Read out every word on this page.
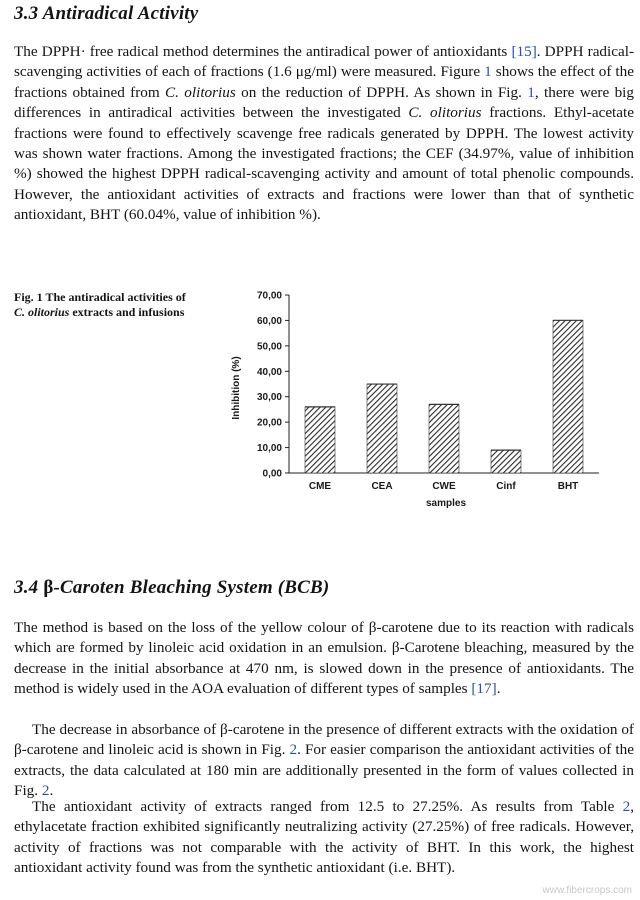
3.3 Antiradical Activity

The DPPH· free radical method determines the antiradical power of antioxidants [15]. DPPH radical-scavenging activities of each of fractions (1.6 μg/ml) were measured. Figure 1 shows the effect of the fractions obtained from C. olitorius on the reduction of DPPH. As shown in Fig. 1, there were big differences in antiradical activities between the investigated C. olitorius fractions. Ethyl-acetate fractions were found to effectively scavenge free radicals generated by DPPH. The lowest activity was shown water fractions. Among the investigated fractions; the CEF (34.97%, value of inhibition %) showed the highest DPPH radical-scavenging activity and amount of total phenolic compounds. However, the antioxidant activities of extracts and fractions were lower than that of synthetic antioxidant, BHT (60.04%, value of inhibition %).

Fig. 1 The antiradical activities of C. olitorius extracts and infusions
0,00
10,00
20,00
30,00
40,00
50,00
60,00
70,00
CME	CEA	CWE	Cinf	BHT
Inhibition (%)
samples
3.4 β-Caroten Bleaching System (BCB)

The method is based on the loss of the yellow colour of β-carotene due to its reaction with radicals which are formed by linoleic acid oxidation in an emulsion. β-Carotene bleaching, measured by the decrease in the initial absorbance at 470 nm, is slowed down in the presence of antioxidants. The method is widely used in the AOA evaluation of different types of samples [17].

The decrease in absorbance of β-carotene in the presence of different extracts with the oxidation of β-carotene and linoleic acid is shown in Fig. 2. For easier comparison the antioxidant activities of the extracts, the data calculated at 180 min are additionally presented in the form of values collected in Fig. 2.

The antioxidant activity of extracts ranged from 12.5 to 27.25%. As results from Table 2, ethylacetate fraction exhibited significantly neutralizing activity (27.25%) of free radicals. However, activity of fractions was not comparable with the activity of BHT. In this work, the highest antioxidant activity found was from the synthetic antioxidant (i.e. BHT).

www.fibercrops.com
